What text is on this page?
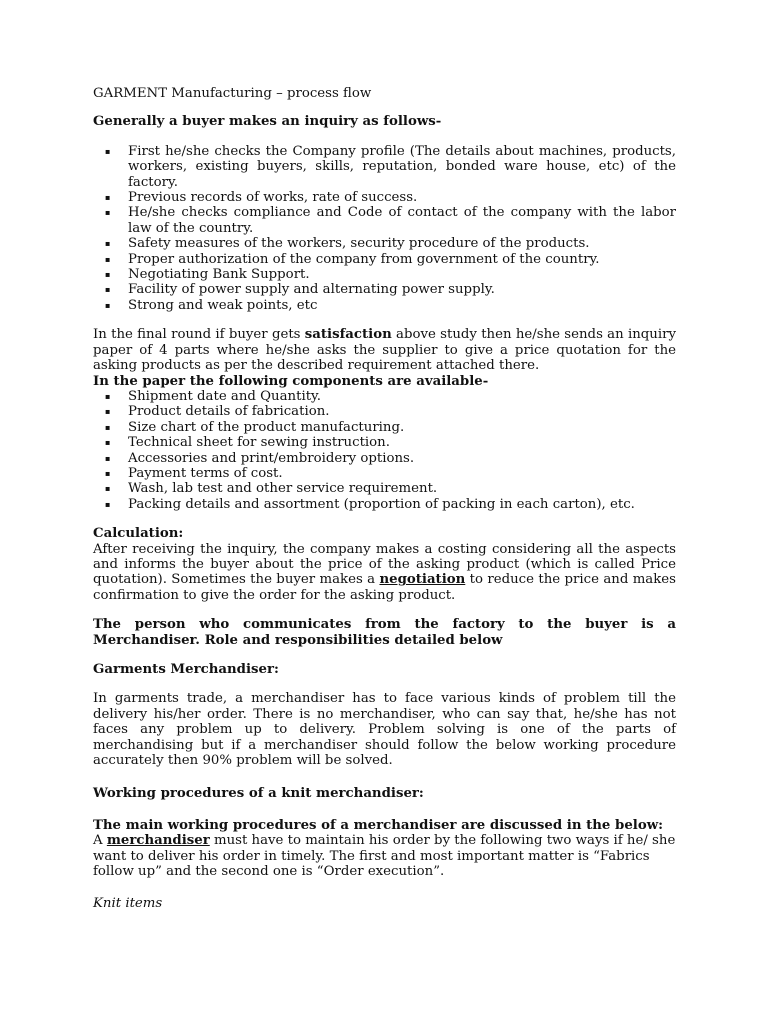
GARMENT Manufacturing – process flow

Generally a buyer makes an inquiry as follows-

▪ First he/she checks the Company profile (The details about machines, products, workers, existing buyers, skills, reputation, bonded ware house, etc) of the factory.
▪ Previous records of works, rate of success.
▪ He/she checks compliance and Code of contact of the company with the labor law of the country.
▪ Safety measures of the workers, security procedure of the products.
▪ Proper authorization of the company from government of the country.
▪ Negotiating Bank Support.
▪ Facility of power supply and alternating power supply.
▪ Strong and weak points, etc

In the final round if buyer gets satisfaction above study then he/she sends an inquiry paper of 4 parts where he/she asks the supplier to give a price quotation for the asking products as per the described requirement attached there.

In the paper the following components are available-

▪ Shipment date and Quantity.
▪ Product details of fabrication.
▪ Size chart of the product manufacturing.
▪ Technical sheet for sewing instruction.
▪ Accessories and print/embroidery options.
▪ Payment terms of cost.
▪ Wash, lab test and other service requirement.
▪ Packing details and assortment (proportion of packing in each carton), etc.

Calculation:

After receiving the inquiry, the company makes a costing considering all the aspects and informs the buyer about the price of the asking product (which is called Price quotation). Sometimes the buyer makes a negotiation to reduce the price and makes confirmation to give the order for the asking product.

The person who communicates from the factory to the buyer is a Merchandiser. Role and responsibilities detailed below

Garments Merchandiser:

In garments trade, a merchandiser has to face various kinds of problem till the delivery his/her order. There is no merchandiser, who can say that, he/she has not faces any problem up to delivery. Problem solving is one of the parts of merchandising but if a merchandiser should follow the below working procedure accurately then 90% problem will be solved.

Working procedures of a knit merchandiser:

The main working procedures of a merchandiser are discussed in the below:

A merchandiser must have to maintain his order by the following two ways if he/ she want to deliver his order in timely. The first and most important matter is “Fabrics follow up” and the second one is “Order execution”.

Knit items
